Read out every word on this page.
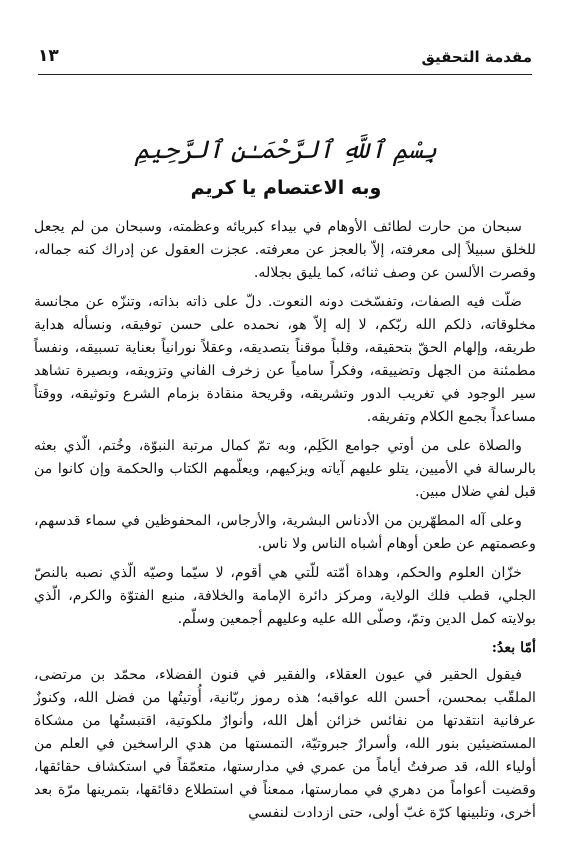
١٣	مقدمة التحقيق
بِسْمِ ٱللَّهِ ٱلرَّحْمَـٰنِ ٱلرَّحِيمِ
وبه الاعتصام يا كريم

سبحان من حارت لطائف الأوهام في بيداء كبريائه وعظمته، وسبحان من لم يجعل للخلق سبيلاً إلى معرفته، إلاّ بالعجز عن معرفته. عجزت العقول عن إدراك كنه جماله، وقصرت الألسن عن وصف ثنائه، كما يليق بجلاله.

ضلّت فيه الصفات، وتفسّخت دونه النعوت. دلّ على ذاته بذاته، وتنزّه عن مجانسة مخلوقاته، ذلكم الله ربّكم، لا إله إلاّ هو، نحمده على حسن توفيقه، ونسأله هداية طريقه، وإلهام الحقّ بتحقيقه، وقلباً موقناً بتصديقه، وعقلاً نورانياً بعناية تسبيقه، ونفساً مطمئنة من الجهل وتضييقه، وفكراً سامياً عن زخرف الفاني وتزويقه، وبصيرة تشاهد سير الوجود في تغريب الدور وتشريقه، وقريحة منقادة بزمام الشرع وتوثيقه، ووقتاً مساعداً بجمع الكلام وتفريقه.

والصلاة على من أوتي جوامع الكَلِم، وبه تمّ كمال مرتبة النبوّة، وخُتم، الّذي بعثه بالرسالة في الأميين، يتلو عليهم آياته ويزكيهم، ويعلّمهم الكتاب والحكمة وإن كانوا من قبل لفي ضلال مبين.

وعلى آله المطهّرين من الأدناس البشرية، والأرجاس، المحفوظين في سماء قدسهم، وعصمتهم عن طعن أوهام أشباه الناس ولا ناس.

خزّان العلوم والحكم، وهداة أمّته للّتي هي أقوم، لا سيّما وصيّه الّذي نصبه بالنصّ الجلي، قطب فلك الولاية، ومركز دائرة الإمامة والخلافة، منبع الفتوّة والكرم، الّذي بولايته كمل الدين وتمّ، وصلّى الله عليه وعليهم أجمعين وسلّم.

أمّا بعدُ:

فيقول الحقير في عيون العقلاء، والفقير في فنون الفضلاء، محمّد بن مرتضى، الملقّب بمحسن، أحسن الله عواقبه؛ هذه رموز ربّانية، أُوتيتُها من فضل الله، وكنوزٌ عرفانية انتقدتها من نفائس خزائن أهل الله، وأنوارٌ ملكوتية، اقتبستُها من مشكاة المستضيئين بنور الله، وأسرارٌ جبروتيّة، التمستها من هدي الراسخين في العلم من أولياء الله، قد صرفتُ أياماً من عمري في مدارستها، متعمّقاً في استكشاف حقائقها، وقضيت أعواماً من دهري في ممارستها، ممعناً في استطلاع دقائقها، بتمرينها مرّة بعد أخرى، وتلبينها كرّة غبّ أولى، حتى ازدادت لنفسي
